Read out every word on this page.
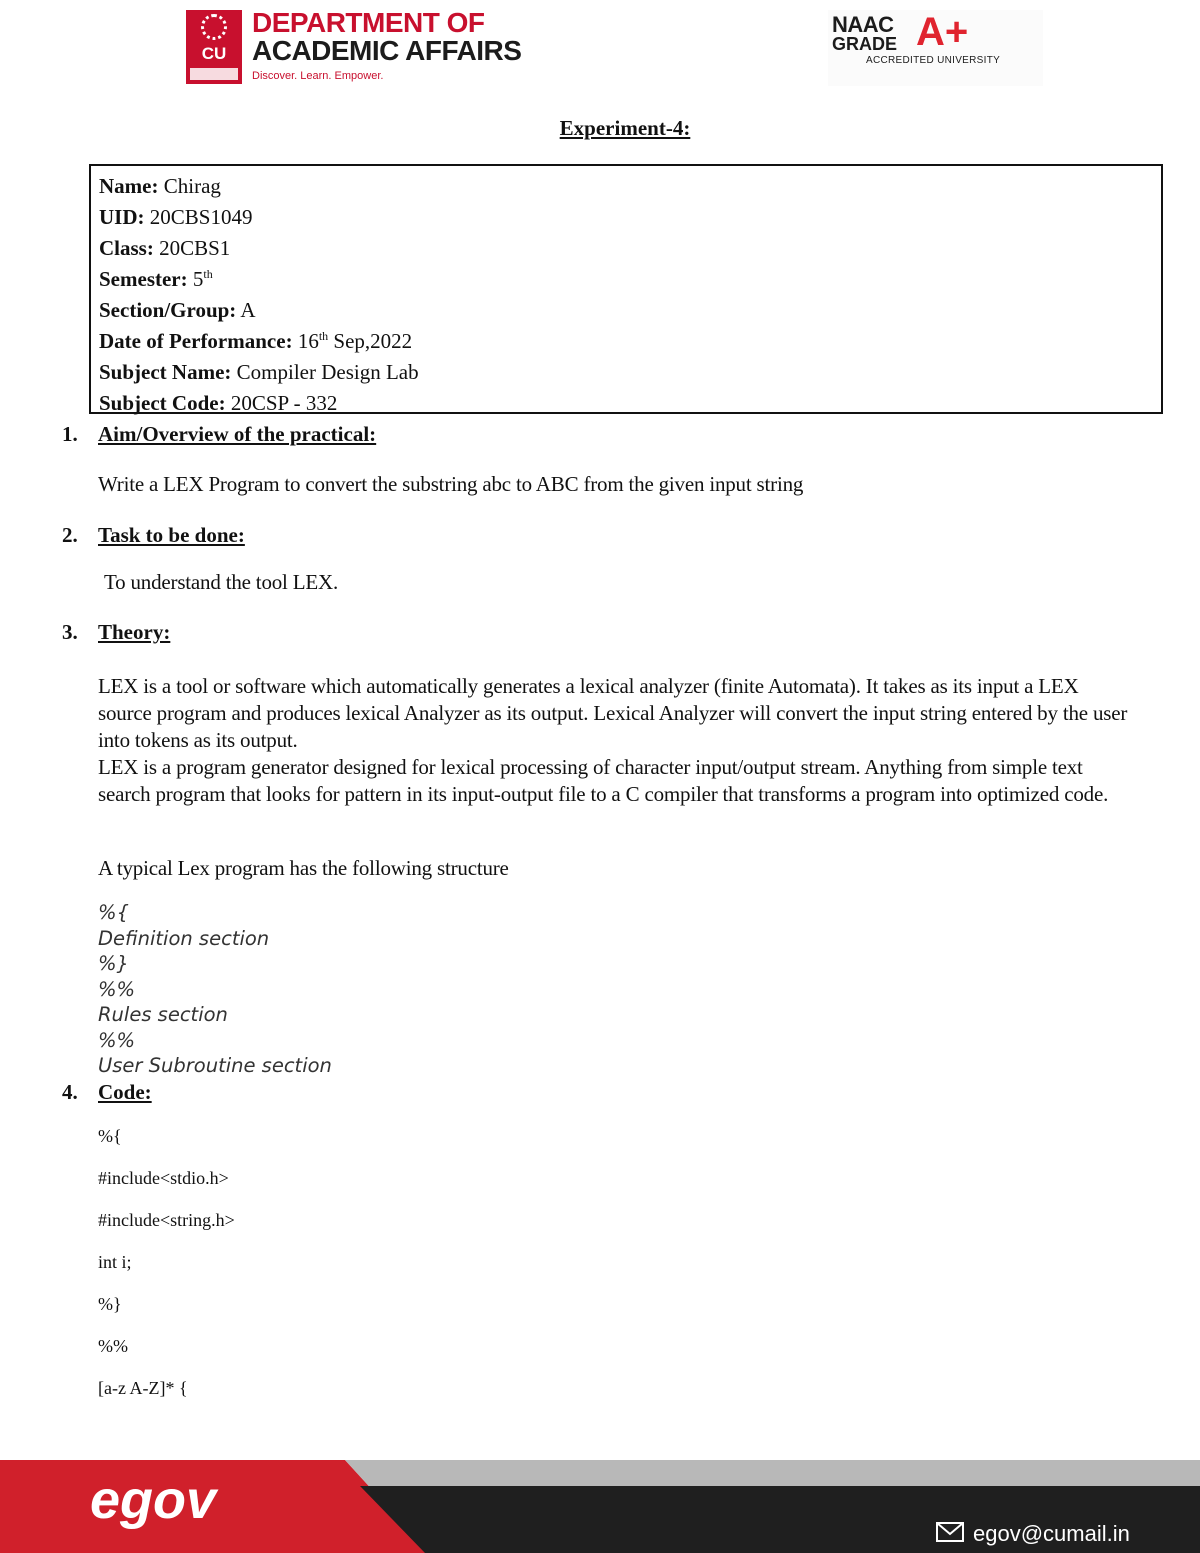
CU
DEPARTMENT OF
ACADEMIC AFFAIRS
Discover. Learn. Empower.
NAAC
GRADE A+
ACCREDITED UNIVERSITY
Experiment-4:
Name: Chirag
UID: 20CBS1049
Class: 20CBS1
Semester: 5th
Section/Group: A
Date of Performance: 16th Sep,2022
Subject Name: Compiler Design Lab
Subject Code: 20CSP - 332
1. Aim/Overview of the practical:
Write a LEX Program to convert the substring abc to ABC from the given input string
2. Task to be done:
To understand the tool LEX.
3. Theory:
LEX is a tool or software which automatically generates a lexical analyzer (finite Automata). It takes as its input a LEX source program and produces lexical Analyzer as its output. Lexical Analyzer will convert the input string entered by the user into tokens as its output.
LEX is a program generator designed for lexical processing of character input/output stream. Anything from simple text search program that looks for pattern in its input-output file to a C compiler that transforms a program into optimized code.
A typical Lex program has the following structure
%{
Definition section
%}
%%
Rules section
%%
User Subroutine section
4. Code:
%{
#include<stdio.h>
#include<string.h>
int i;
%}
%%
[a-z A-Z]* {
egov
egov@cumail.in
